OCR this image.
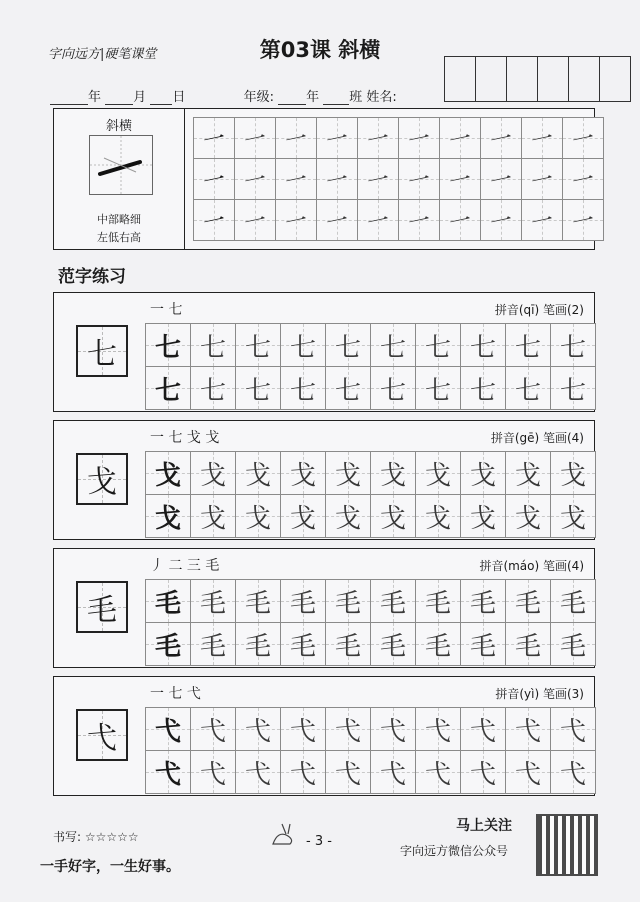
字向远方|硬笔课堂	第03课 斜横
年 月 日	年级: 年 班 姓名:
斜横
中部略细
左低右高
一 一 一 一 一 一 一 一 一 一
一 一 一 一 一 一 一 一 一 一
一 一 一 一 一 一 一 一 一 一
范字练习
七
一 七	拼音(qī) 笔画(2)
七 七 七 七 七 七 七 七 七 七
七 七 七 七 七 七 七 七 七 七
戈
一 七 戈 戈	拼音(gē) 笔画(4)
戈 戈 戈 戈 戈 戈 戈 戈 戈 戈
戈 戈 戈 戈 戈 戈 戈 戈 戈 戈
毛
丿 二 三 毛	拼音(máo) 笔画(4)
毛 毛 毛 毛 毛 毛 毛 毛 毛 毛
毛 毛 毛 毛 毛 毛 毛 毛 毛 毛
弋
一 七 弋	拼音(yì) 笔画(3)
弋 弋 弋 弋 弋 弋 弋 弋 弋 弋
弋 弋 弋 弋 弋 弋 弋 弋 弋 弋
书写: ☆☆☆☆☆
一手好字，一生好事。
- 3 -
马上关注
字向远方微信公众号
